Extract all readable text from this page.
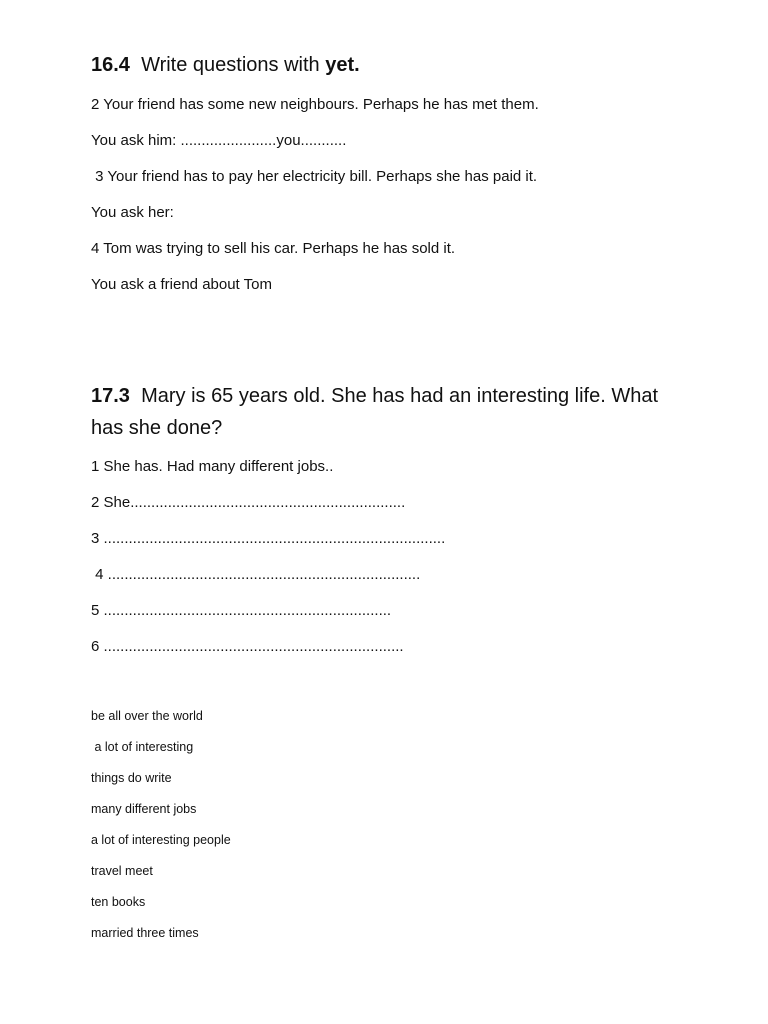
16.4 Write questions with yet.
2 Your friend has some new neighbours. Perhaps he has met them.
You ask him: .......................you...........
3 Your friend has to pay her electricity bill. Perhaps she has paid it.
You ask her:
4 Tom was trying to sell his car. Perhaps he has sold it.
You ask a friend about Tom
17.3 Mary is 65 years old. She has had an interesting life. What
has she done?
1 She has. Had many different jobs..
2 She..................................................................
3 ..................................................................................
4 ...........................................................................
5 .....................................................................
6 ........................................................................
be all over the world
a lot of interesting
things do write
many different jobs
a lot of interesting people
travel meet
ten books
married three times
